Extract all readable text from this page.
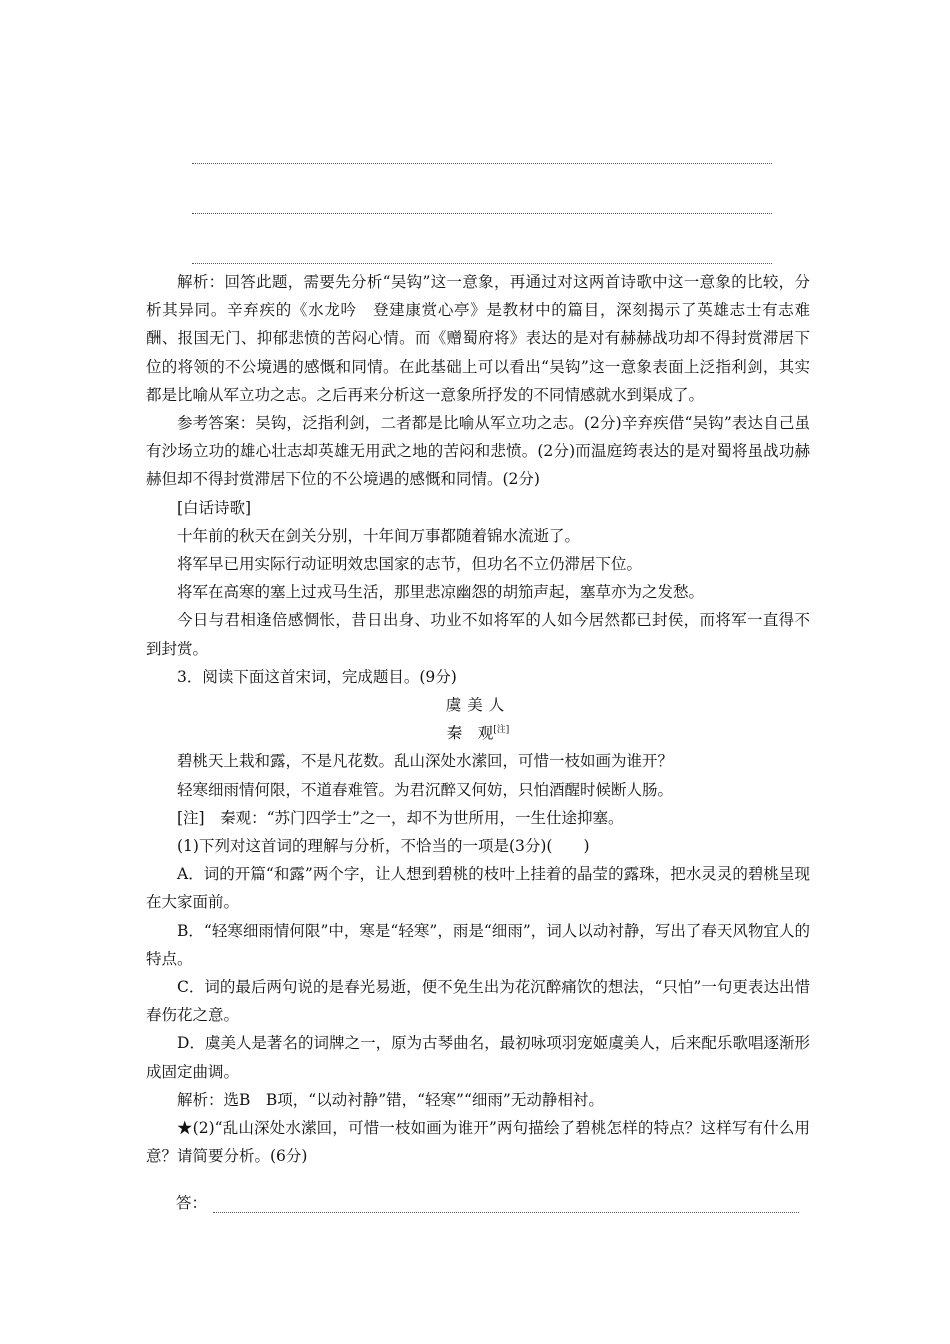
解析：回答此题，需要先分析“吴钩”这一意象，再通过对这两首诗歌中这一意象的比较，分析其异同。辛弃疾的《水龙吟　登建康赏心亭》是教材中的篇目，深刻揭示了英雄志士有志难酬、报国无门、抑郁悲愤的苦闷心情。而《赠蜀府将》表达的是对有赫赫战功却不得封赏滞居下位的将领的不公境遇的感慨和同情。在此基础上可以看出“吴钩”这一意象表面上泛指利剑，其实都是比喻从军立功之志。之后再来分析这一意象所抒发的不同情感就水到渠成了。

参考答案：吴钩，泛指利剑，二者都是比喻从军立功之志。(2分)辛弃疾借“吴钩”表达自己虽有沙场立功的雄心壮志却英雄无用武之地的苦闷和悲愤。(2分)而温庭筠表达的是对蜀将虽战功赫赫但却不得封赏滞居下位的不公境遇的感慨和同情。(2分)

[白话诗歌]

十年前的秋天在剑关分别，十年间万事都随着锦水流逝了。

将军早已用实际行动证明效忠国家的志节，但功名不立仍滞居下位。

将军在高寒的塞上过戎马生活，那里悲凉幽怨的胡笳声起，塞草亦为之发愁。

今日与君相逢倍感惆怅，昔日出身、功业不如将军的人如今居然都已封侯，而将军一直得不到封赏。

3．阅读下面这首宋词，完成题目。(9分)

虞美人

秦　观[注]

碧桃天上栽和露，不是凡花数。乱山深处水潆回，可惜一枝如画为谁开？

轻寒细雨情何限，不道春难管。为君沉醉又何妨，只怕酒醒时候断人肠。

[注]　秦观：“苏门四学士”之一，却不为世所用，一生仕途抑塞。

(1)下列对这首词的理解与分析，不恰当的一项是(3分)(　　)

A．词的开篇“和露”两个字，让人想到碧桃的枝叶上挂着的晶莹的露珠，把水灵灵的碧桃呈现在大家面前。

B．“轻寒细雨情何限”中，寒是“轻寒”，雨是“细雨”，词人以动衬静，写出了春天风物宜人的特点。

C．词的最后两句说的是春光易逝，便不免生出为花沉醉痛饮的想法，“只怕”一句更表达出惜春伤花之意。

D．虞美人是著名的词牌之一，原为古琴曲名，最初咏项羽宠姬虞美人，后来配乐歌唱逐渐形成固定曲调。

解析：选B　B项，“以动衬静”错，“轻寒”“细雨”无动静相衬。

★(2)“乱山深处水潆回，可惜一枝如画为谁开”两句描绘了碧桃怎样的特点？这样写有什么用意？请简要分析。(6分)

答：
